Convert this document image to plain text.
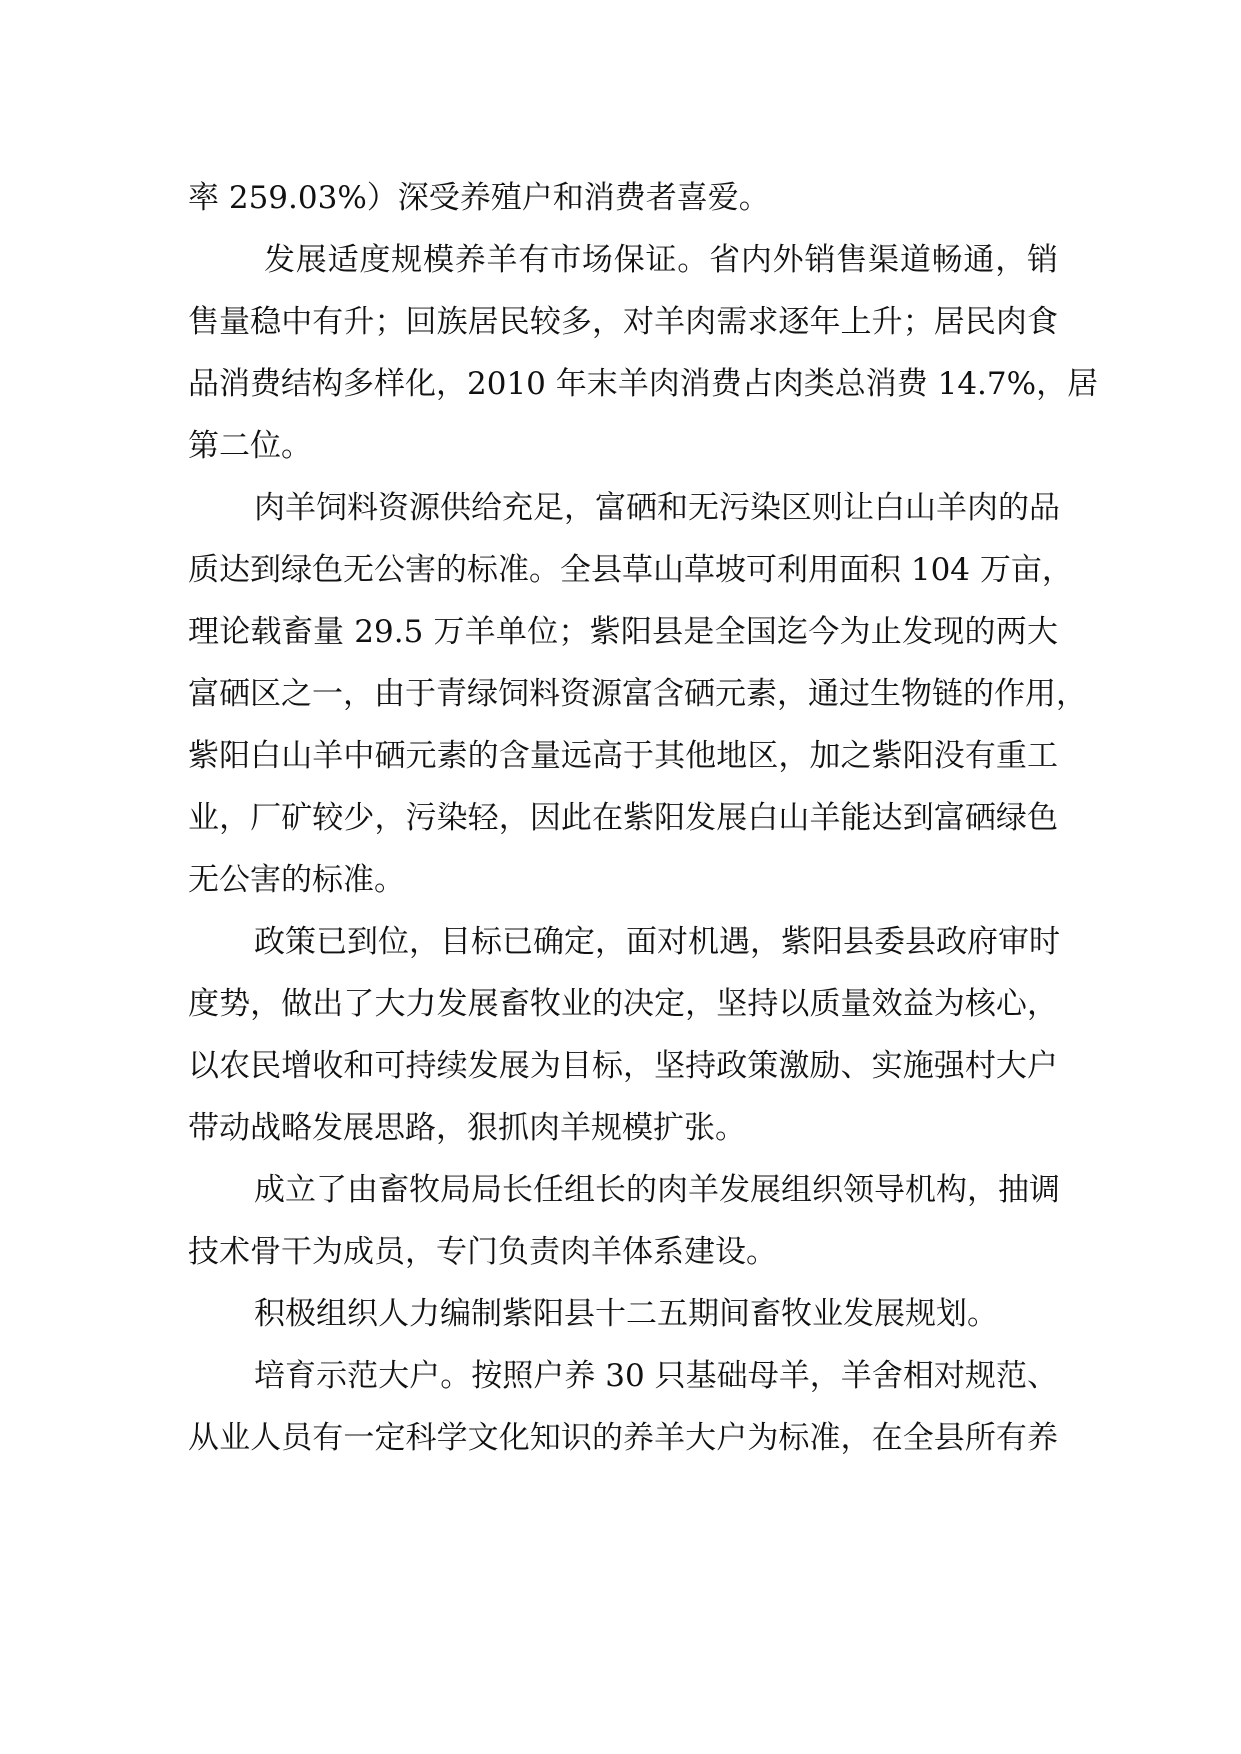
率 259.03%）深受养殖户和消费者喜爱。
发展适度规模养羊有市场保证。省内外销售渠道畅通，销
售量稳中有升；回族居民较多，对羊肉需求逐年上升；居民肉食
品消费结构多样化，2010 年末羊肉消费占肉类总消费 14.7%，居
第二位。
肉羊饲料资源供给充足，富硒和无污染区则让白山羊肉的品
质达到绿色无公害的标准。全县草山草坡可利用面积 104 万亩，
理论载畜量 29.5 万羊单位；紫阳县是全国迄今为止发现的两大
富硒区之一，由于青绿饲料资源富含硒元素，通过生物链的作用，
紫阳白山羊中硒元素的含量远高于其他地区，加之紫阳没有重工
业，厂矿较少，污染轻，因此在紫阳发展白山羊能达到富硒绿色
无公害的标准。
政策已到位，目标已确定，面对机遇，紫阳县委县政府审时
度势，做出了大力发展畜牧业的决定，坚持以质量效益为核心，
以农民增收和可持续发展为目标，坚持政策激励、实施强村大户
带动战略发展思路，狠抓肉羊规模扩张。
成立了由畜牧局局长任组长的肉羊发展组织领导机构，抽调
技术骨干为成员，专门负责肉羊体系建设。
积极组织人力编制紫阳县十二五期间畜牧业发展规划。
培育示范大户。按照户养 30 只基础母羊，羊舍相对规范、
从业人员有一定科学文化知识的养羊大户为标准，在全县所有养
